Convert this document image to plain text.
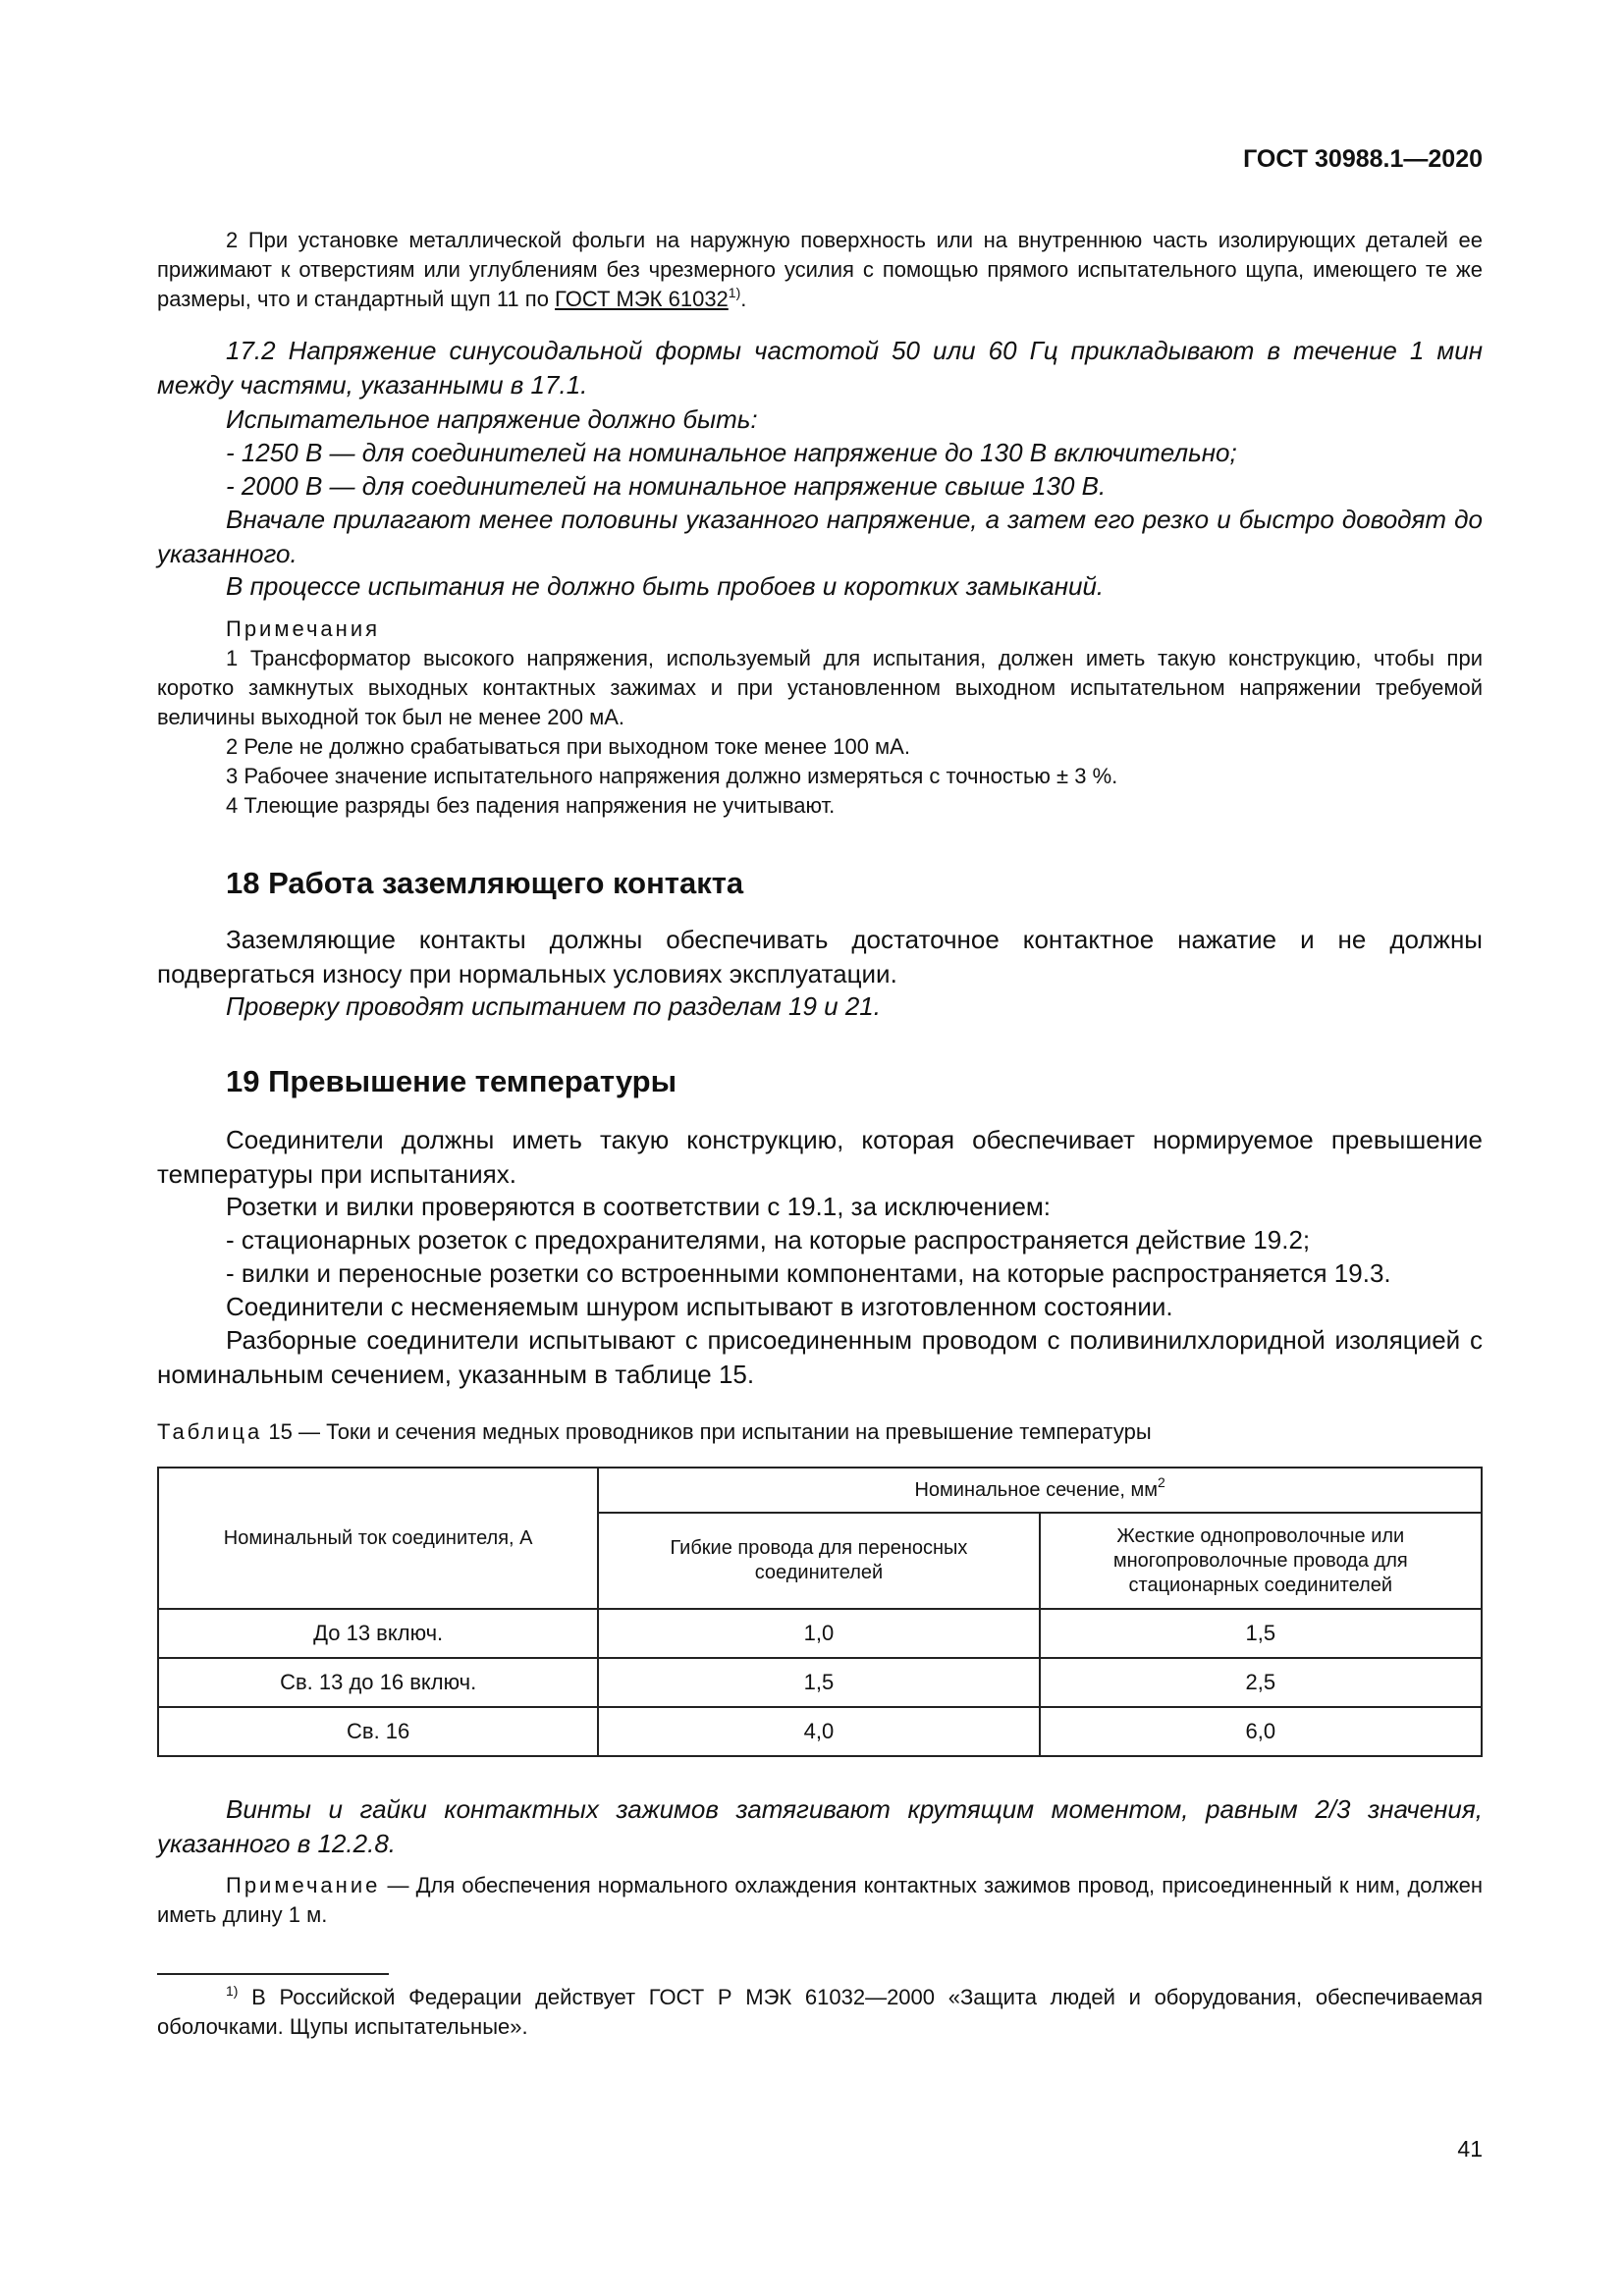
ГОСТ 30988.1—2020
2 При установке металлической фольги на наружную поверхность или на внутреннюю часть изолирующих деталей ее прижимают к отверстиям или углублениям без чрезмерного усилия с помощью прямого испытательного щупа, имеющего те же размеры, что и стандартный щуп 11 по ГОСТ МЭК 61032$^{1)}$.
17.2 Напряжение синусоидальной формы частотой 50 или 60 Гц прикладывают в течение 1 мин между частями, указанными в 17.1.
Испытательное напряжение должно быть:
- 1250 В — для соединителей на номинальное напряжение до 130 В включительно;
- 2000 В — для соединителей на номинальное напряжение свыше 130 В.
Вначале прилагают менее половины указанного напряжение, а затем его резко и быстро доводят до указанного.
В процессе испытания не должно быть пробоев и коротких замыканий.
Примечания
1 Трансформатор высокого напряжения, используемый для испытания, должен иметь такую конструкцию, чтобы при коротко замкнутых выходных контактных зажимах и при установленном выходном испытательном напряжении требуемой величины выходной ток был не менее 200 мА.
2 Реле не должно срабатываться при выходном токе менее 100 мА.
3 Рабочее значение испытательного напряжения должно измеряться с точностью ± 3 %.
4 Тлеющие разряды без падения напряжения не учитывают.
18 Работа заземляющего контакта
Заземляющие контакты должны обеспечивать достаточное контактное нажатие и не должны подвергаться износу при нормальных условиях эксплуатации.
Проверку проводят испытанием по разделам 19 и 21.
19 Превышение температуры
Соединители должны иметь такую конструкцию, которая обеспечивает нормируемое превышение температуры при испытаниях.
Розетки и вилки проверяются в соответствии с 19.1, за исключением:
- стационарных розеток с предохранителями, на которые распространяется действие 19.2;
- вилки и переносные розетки со встроенными компонентами, на которые распространяется 19.3.
Соединители с несменяемым шнуром испытывают в изготовленном состоянии.
Разборные соединители испытывают с присоединенным проводом с поливинилхлоридной изоляцией с номинальным сечением, указанным в таблице 15.
Таблица 15 — Токи и сечения медных проводников при испытании на превышение температуры
Номинальный ток соединителя, А	Номинальное сечение, $мм^2$
	Гибкие провода для переносных соединителей	Жесткие однопроволочные или многопроволочные провода для стационарных соединителей
До 13 включ.	1,0	1,5
Св. 13 до 16 включ.	1,5	2,5
Св. 16	4,0	6,0
Винты и гайки контактных зажимов затягивают крутящим моментом, равным 2/3 значения, указанного в 12.2.8.
Примечание — Для обеспечения нормального охлаждения контактных зажимов провод, присоединенный к ним, должен иметь длину 1 м.
$^{1)}$ В Российской Федерации действует ГОСТ Р МЭК 61032—2000 «Защита людей и оборудования, обеспечиваемая оболочками. Щупы испытательные».
41
